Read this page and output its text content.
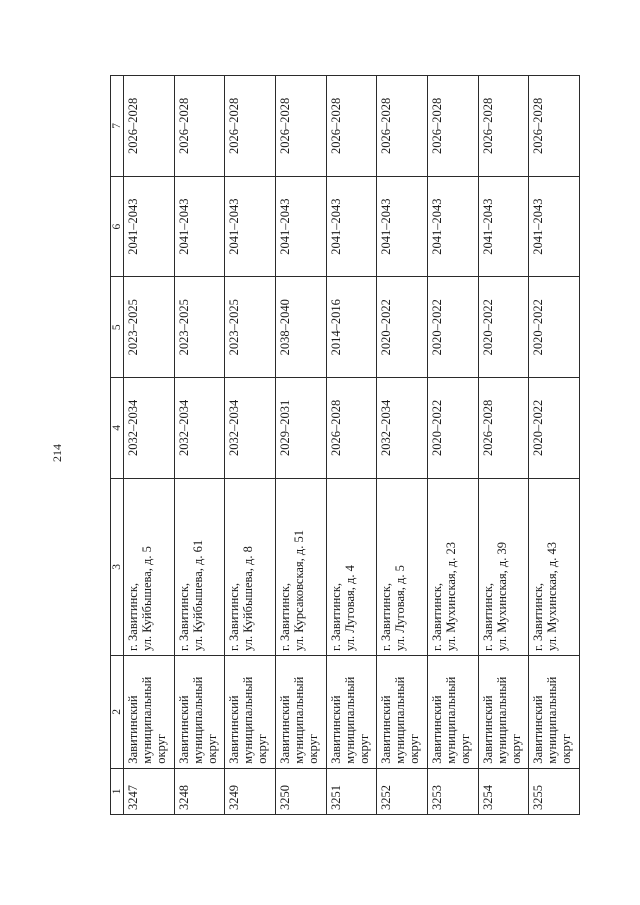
214
1	2	3	4	5	6	7
3247	Завитинский муниципальный округ	г. Завитинск, ул. Куйбышева, д. 5	2032–2034	2023–2025	2041–2043	2026–2028
3248	Завитинский муниципальный округ	г. Завитинск, ул. Куйбышева, д. 61	2032–2034	2023–2025	2041–2043	2026–2028
3249	Завитинский муниципальный округ	г. Завитинск, ул. Куйбышева, д. 8	2032–2034	2023–2025	2041–2043	2026–2028
3250	Завитинский муниципальный округ	г. Завитинск, ул. Курсаковская, д. 51	2029–2031	2038–2040	2041–2043	2026–2028
3251	Завитинский муниципальный округ	г. Завитинск, ул. Луговая, д. 4	2026–2028	2014–2016	2041–2043	2026–2028
3252	Завитинский муниципальный округ	г. Завитинск, ул. Луговая, д. 5	2032–2034	2020–2022	2041–2043	2026–2028
3253	Завитинский муниципальный округ	г. Завитинск, ул. Мухинская, д. 23	2020–2022	2020–2022	2041–2043	2026–2028
3254	Завитинский муниципальный округ	г. Завитинск, ул. Мухинская, д. 39	2026–2028	2020–2022	2041–2043	2026–2028
3255	Завитинский муниципальный округ	г. Завитинск, ул. Мухинская, д. 43	2020–2022	2020–2022	2041–2043	2026–2028
